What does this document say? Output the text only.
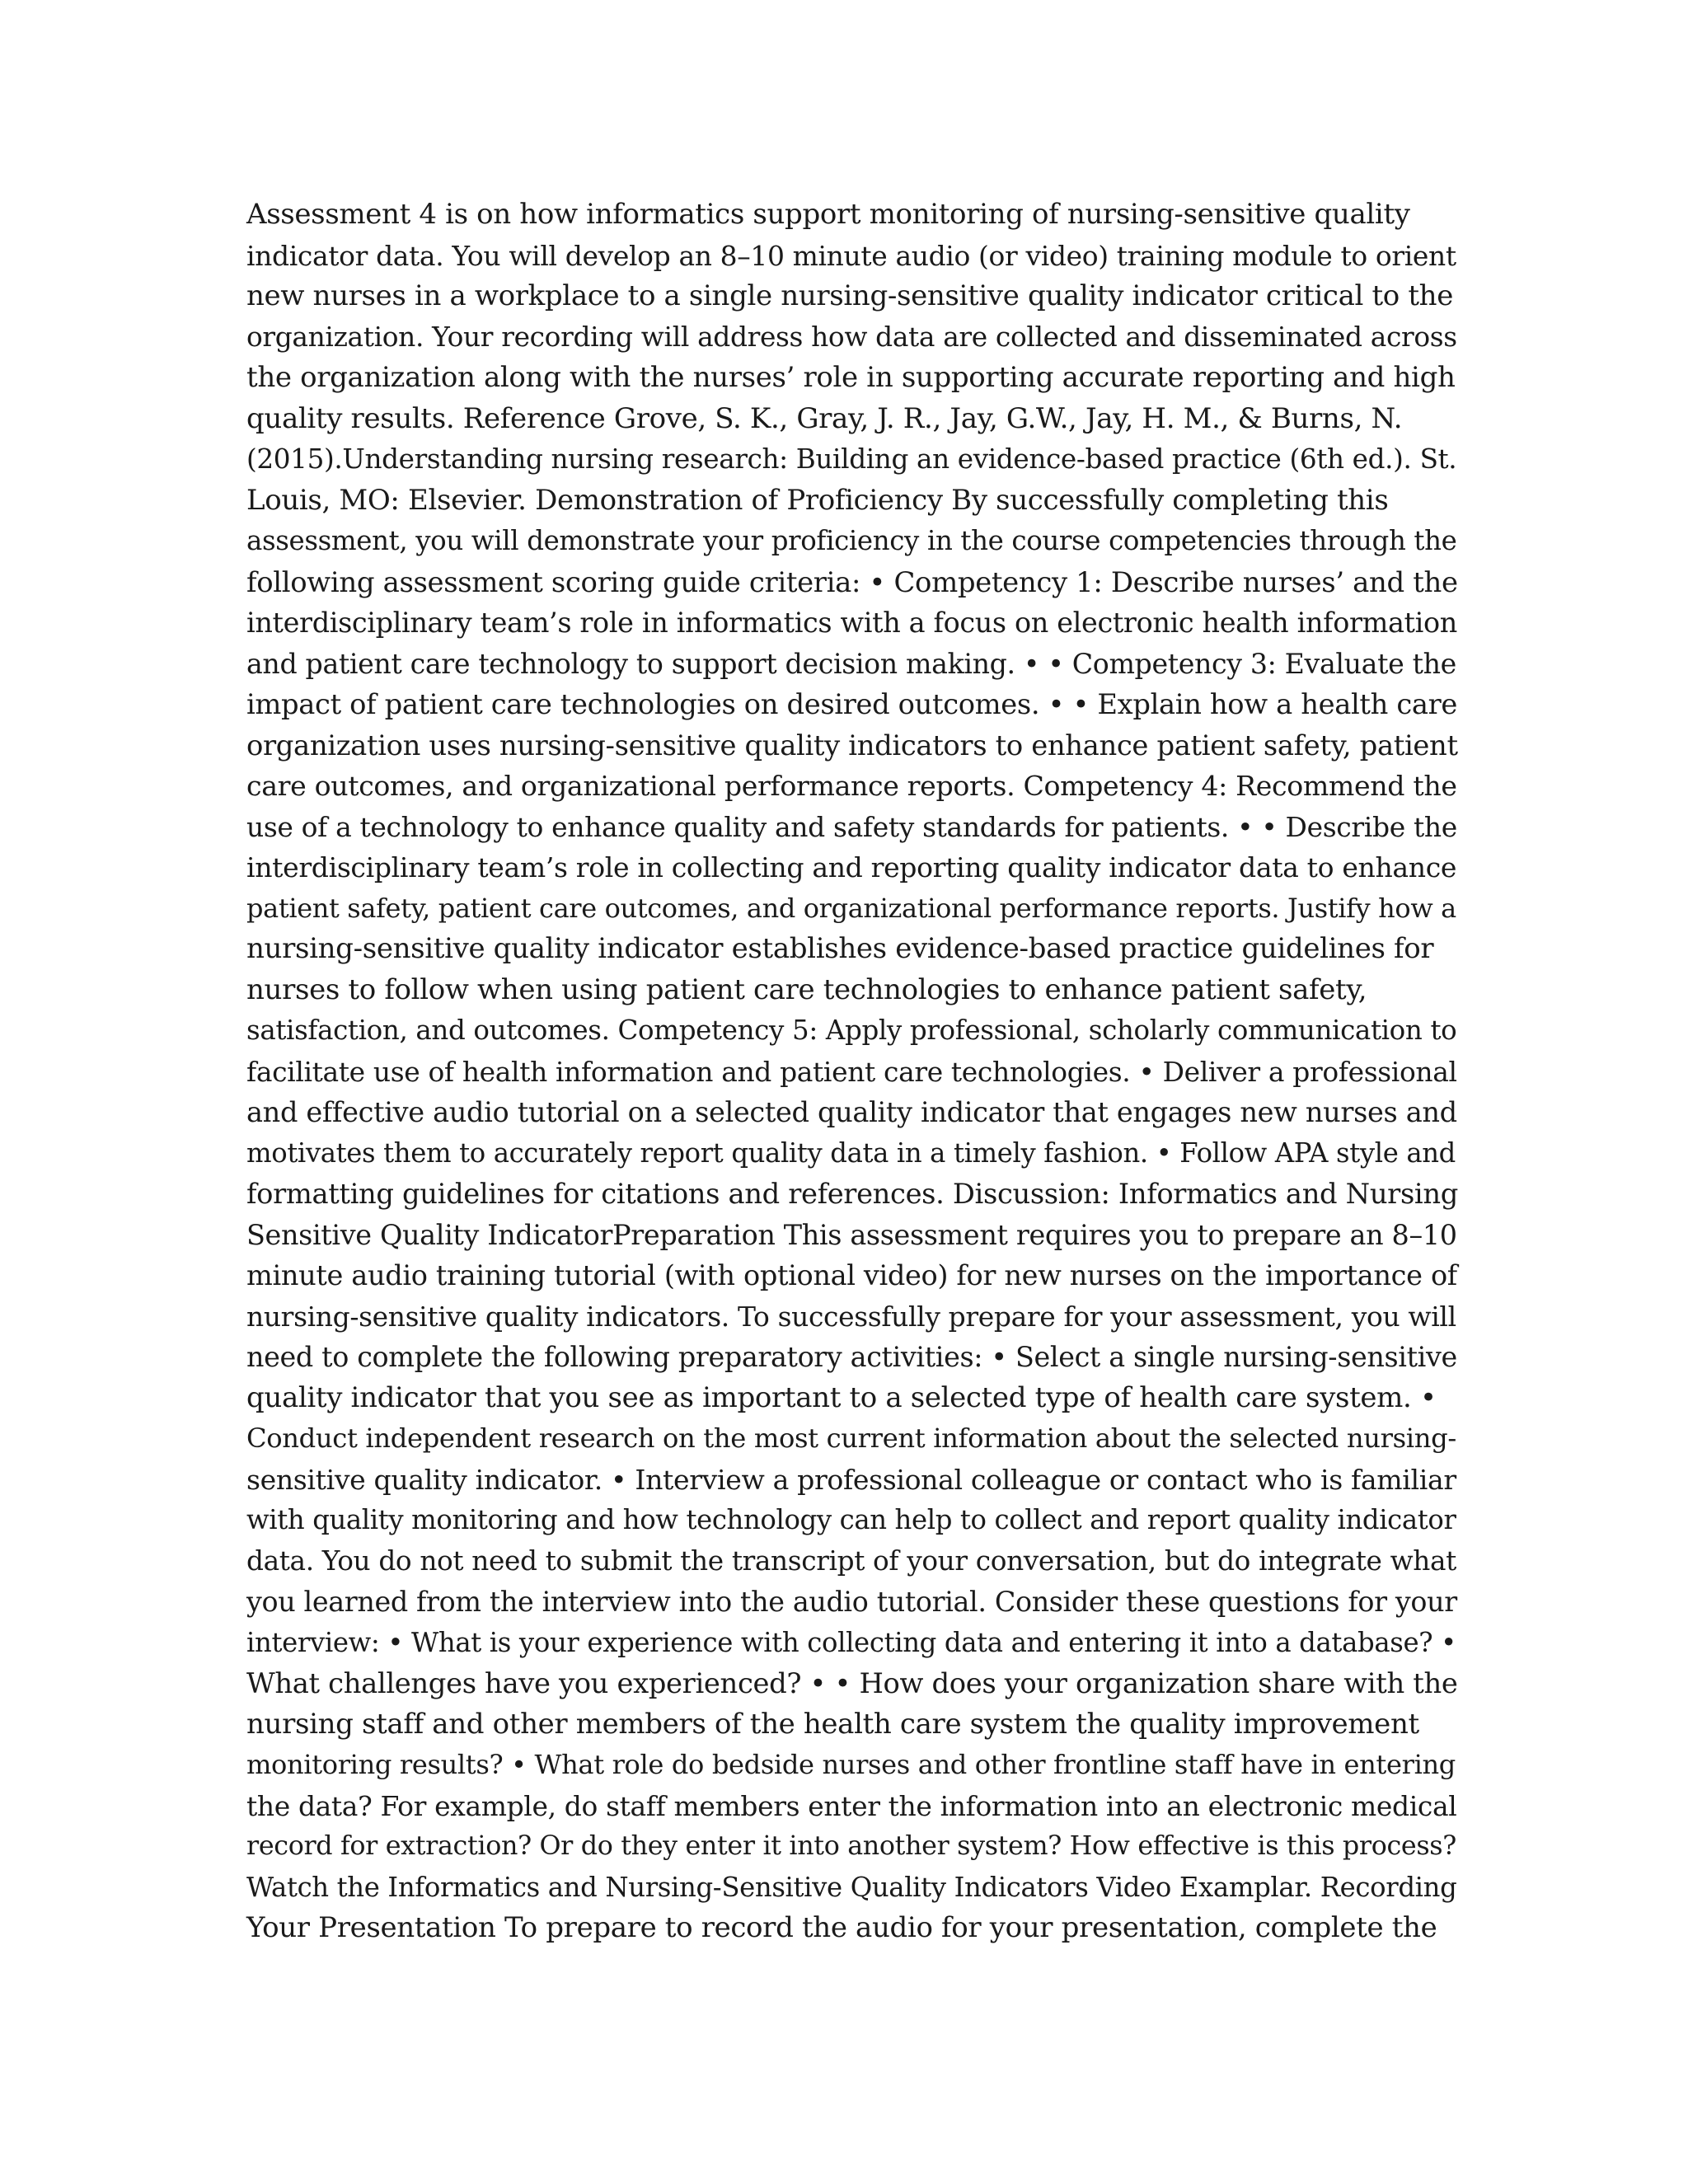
Assessment 4 is on how informatics support monitoring of nursing-sensitive quality
indicator data. You will develop an 8–10 minute audio (or video) training module to orient
new nurses in a workplace to a single nursing-sensitive quality indicator critical to the
organization. Your recording will address how data are collected and disseminated across
the organization along with the nurses’ role in supporting accurate reporting and high
quality results. Reference Grove, S. K., Gray, J. R., Jay, G.W., Jay, H. M., & Burns, N.
(2015).Understanding nursing research: Building an evidence-based practice (6th ed.). St.
Louis, MO: Elsevier. Demonstration of Proficiency By successfully completing this
assessment, you will demonstrate your proficiency in the course competencies through the
following assessment scoring guide criteria: • Competency 1: Describe nurses’ and the
interdisciplinary team’s role in informatics with a focus on electronic health information
and patient care technology to support decision making. • • Competency 3: Evaluate the
impact of patient care technologies on desired outcomes. • • Explain how a health care
organization uses nursing-sensitive quality indicators to enhance patient safety, patient
care outcomes, and organizational performance reports. Competency 4: Recommend the
use of a technology to enhance quality and safety standards for patients. • • Describe the
interdisciplinary team’s role in collecting and reporting quality indicator data to enhance
patient safety, patient care outcomes, and organizational performance reports. Justify how a
nursing-sensitive quality indicator establishes evidence-based practice guidelines for
nurses to follow when using patient care technologies to enhance patient safety,
satisfaction, and outcomes. Competency 5: Apply professional, scholarly communication to
facilitate use of health information and patient care technologies. • Deliver a professional
and effective audio tutorial on a selected quality indicator that engages new nurses and
motivates them to accurately report quality data in a timely fashion. • Follow APA style and
formatting guidelines for citations and references. Discussion: Informatics and Nursing
Sensitive Quality IndicatorPreparation This assessment requires you to prepare an 8–10
minute audio training tutorial (with optional video) for new nurses on the importance of
nursing-sensitive quality indicators. To successfully prepare for your assessment, you will
need to complete the following preparatory activities: • Select a single nursing-sensitive
quality indicator that you see as important to a selected type of health care system. •
Conduct independent research on the most current information about the selected nursing-
sensitive quality indicator. • Interview a professional colleague or contact who is familiar
with quality monitoring and how technology can help to collect and report quality indicator
data. You do not need to submit the transcript of your conversation, but do integrate what
you learned from the interview into the audio tutorial. Consider these questions for your
interview: • What is your experience with collecting data and entering it into a database? •
What challenges have you experienced? • • How does your organization share with the
nursing staff and other members of the health care system the quality improvement
monitoring results? • What role do bedside nurses and other frontline staff have in entering
the data? For example, do staff members enter the information into an electronic medical
record for extraction? Or do they enter it into another system? How effective is this process?
Watch the Informatics and Nursing-Sensitive Quality Indicators Video Examplar. Recording
Your Presentation To prepare to record the audio for your presentation, complete the
